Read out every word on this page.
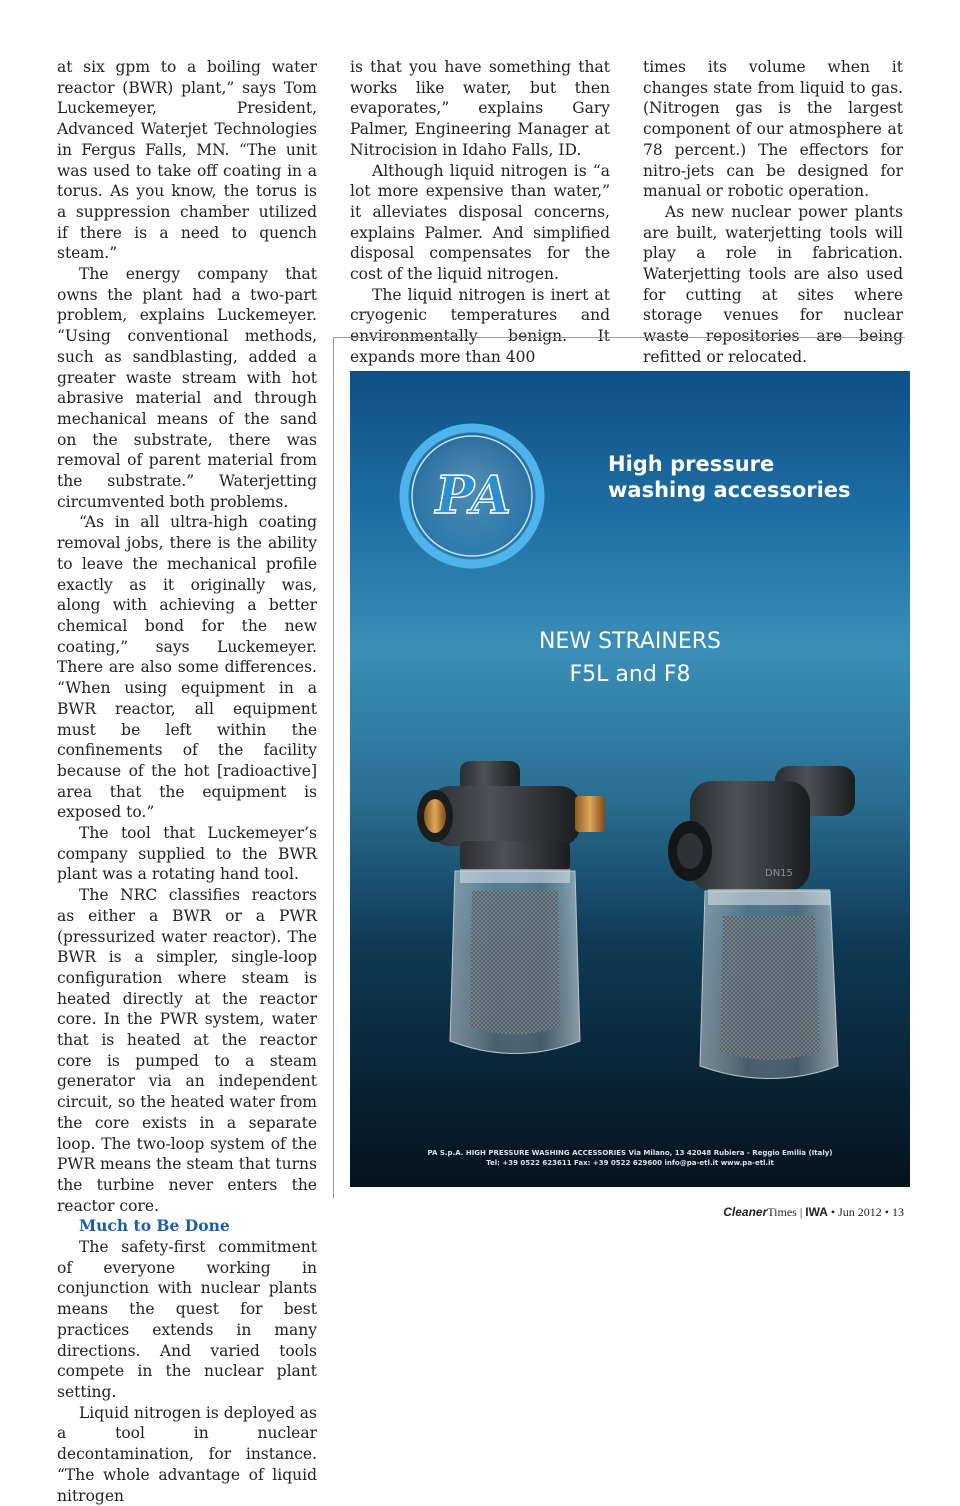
at six gpm to a boiling water reactor (BWR) plant,” says Tom Luckemeyer, President, Advanced Waterjet Technologies in Fergus Falls, MN. “The unit was used to take off coating in a torus. As you know, the torus is a suppression chamber utilized if there is a need to quench steam.”

The energy company that owns the plant had a two-part problem, explains Luckemeyer. “Using conventional methods, such as sandblasting, added a greater waste stream with hot abrasive material and through mechanical means of the sand on the substrate, there was removal of parent material from the substrate.” Waterjetting circumvented both problems.

“As in all ultra-high coating removal jobs, there is the ability to leave the mechanical profile exactly as it originally was, along with achieving a better chemical bond for the new coating,” says Luckemeyer. There are also some differences. “When using equipment in a BWR reactor, all equipment must be left within the confinements of the facility because of the hot [radioactive] area that the equipment is exposed to.”

The tool that Luckemeyer’s company supplied to the BWR plant was a rotating hand tool.

The NRC classifies reactors as either a BWR or a PWR (pressurized water reactor). The BWR is a simpler, single-loop configuration where steam is heated directly at the reactor core. In the PWR system, water that is heated at the reactor core is pumped to a steam generator via an independent circuit, so the heated water from the core exists in a separate loop. The two-loop system of the PWR means the steam that turns the turbine never enters the reactor core.

Much to Be Done

The safety-first commitment of everyone working in conjunction with nuclear plants means the quest for best practices extends in many directions. And varied tools compete in the nuclear plant setting.

Liquid nitrogen is deployed as a tool in nuclear decontamination, for instance. “The whole advantage of liquid nitrogen

is that you have something that works like water, but then evaporates,” explains Gary Palmer, Engineering Manager at Nitrocision in Idaho Falls, ID.

Although liquid nitrogen is “a lot more expensive than water,” it alleviates disposal concerns, explains Palmer. And simplified disposal compensates for the cost of the liquid nitrogen.

The liquid nitrogen is inert at cryogenic temperatures and environmentally benign. It expands more than 400

times its volume when it changes state from liquid to gas. (Nitrogen gas is the largest component of our atmosphere at 78 percent.) The effectors for nitro-jets can be designed for manual or robotic operation.

As new nuclear power plants are built, waterjetting tools will play a role in fabrication. Waterjetting tools are also used for cutting at sites where storage venues for nuclear waste repositories are being refitted or relocated.

PA
High pressure
washing accessories
NEW STRAINERS
F5L and F8
DN15
PA S.p.A. HIGH PRESSURE WASHING ACCESSORIES Via Milano, 13 42048 Rubiera - Reggio Emilia (Italy)
Tel: +39 0522 623611 Fax: +39 0522 629600 info@pa-etl.it www.pa-etl.it
CleanerTimes | IWA • Jun 2012 • 13
